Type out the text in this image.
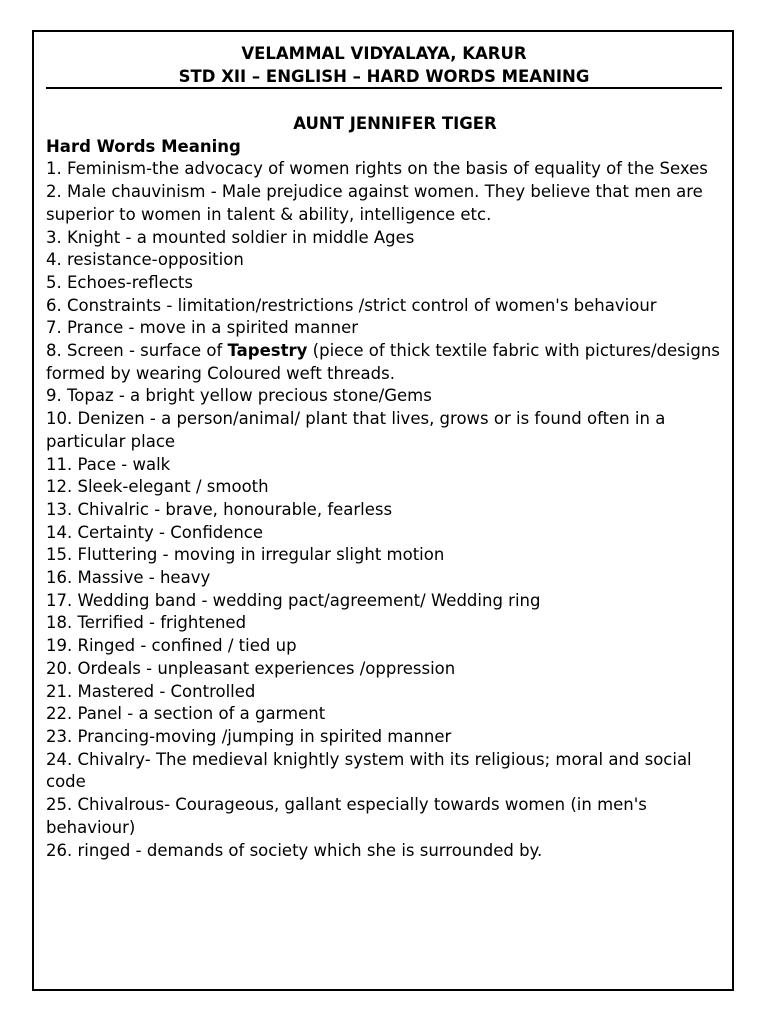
VELAMMAL VIDYALAYA, KARUR
STD XII – ENGLISH – HARD WORDS MEANING
AUNT JENNIFER TIGER
Hard Words Meaning

1. Feminism-the advocacy of women rights on the basis of equality of the Sexes

2. Male chauvinism - Male prejudice against women. They believe that men are superior to women in talent & ability, intelligence etc.

3. Knight - a mounted soldier in middle Ages

4. resistance-opposition

5. Echoes-reflects

6. Constraints - limitation/restrictions /strict control of women's behaviour

7. Prance - move in a spirited manner

8. Screen - surface of Tapestry (piece of thick textile fabric with pictures/designs formed by wearing Coloured weft threads.

9. Topaz - a bright yellow precious stone/Gems

10. Denizen - a person/animal/ plant that lives, grows or is found often in a particular place

11. Pace - walk

12. Sleek-elegant / smooth

13. Chivalric - brave, honourable, fearless

14. Certainty - Confidence

15. Fluttering - moving in irregular slight motion

16. Massive - heavy

17. Wedding band - wedding pact/agreement/ Wedding ring

18. Terrified - frightened

19. Ringed - confined / tied up

20. Ordeals - unpleasant experiences /oppression

21. Mastered - Controlled

22. Panel - a section of a garment

23. Prancing-moving /jumping in spirited manner

24. Chivalry- The medieval knightly system with its religious; moral and social code

25. Chivalrous- Courageous, gallant especially towards women (in men's behaviour)

26. ringed - demands of society which she is surrounded by.
